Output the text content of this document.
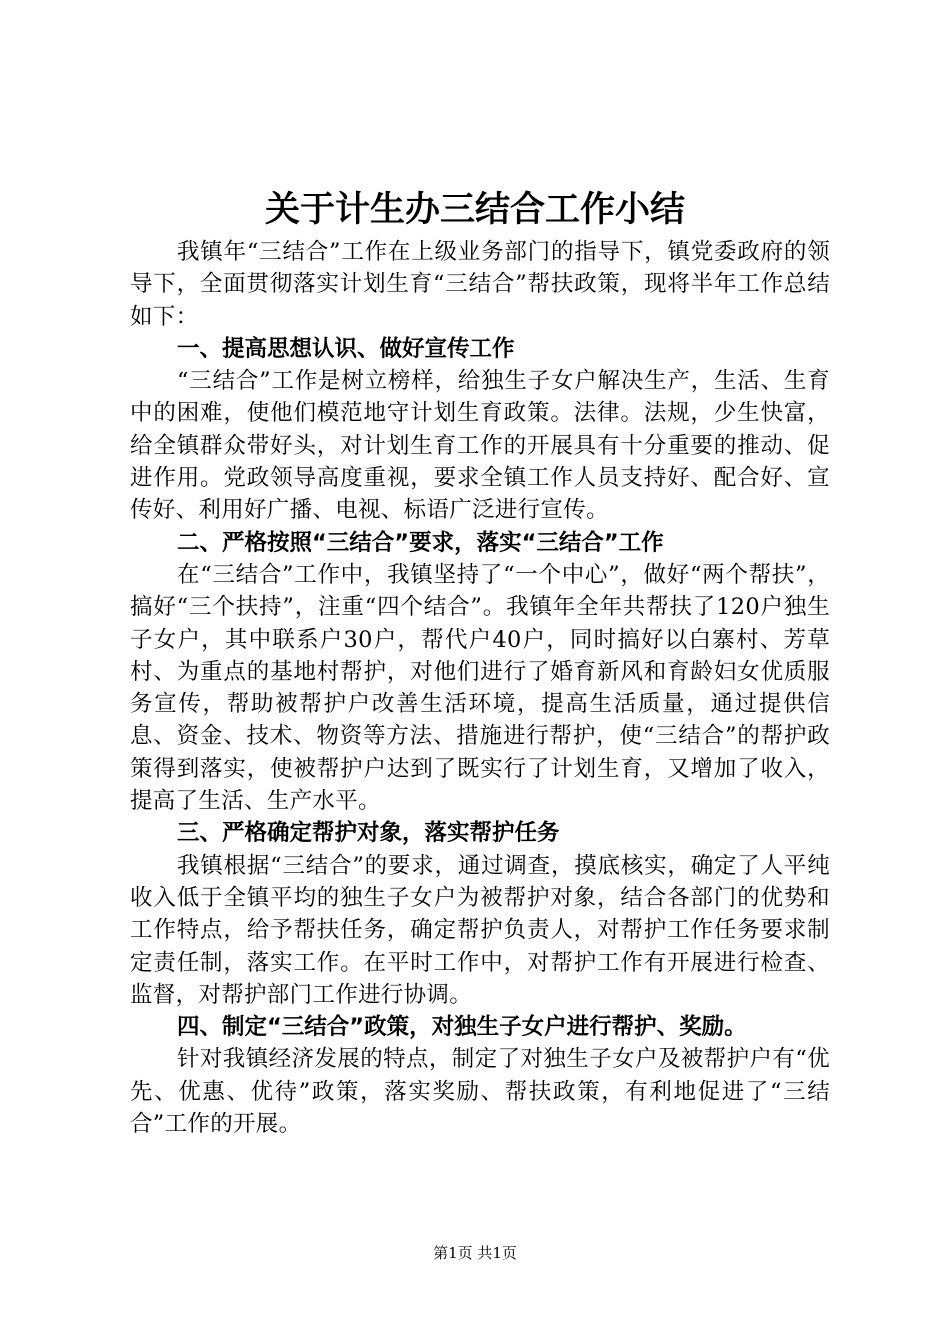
关于计生办三结合工作小结

我镇年“三结合”工作在上级业务部门的指导下，镇党委政府的领导下，全面贯彻落实计划生育“三结合”帮扶政策，现将半年工作总结如下：

一、提高思想认识、做好宣传工作

“三结合”工作是树立榜样，给独生子女户解决生产，生活、生育中的困难，使他们模范地守计划生育政策。法律。法规，少生快富，给全镇群众带好头，对计划生育工作的开展具有十分重要的推动、促进作用。党政领导高度重视，要求全镇工作人员支持好、配合好、宣传好、利用好广播、电视、标语广泛进行宣传。

二、严格按照“三结合”要求，落实“三结合”工作

在“三结合”工作中，我镇坚持了“一个中心”，做好“两个帮扶”，搞好“三个扶持”，注重“四个结合”。我镇年全年共帮扶了120户独生子女户，其中联系户30户，帮代户40户，同时搞好以白寨村、芳草村、为重点的基地村帮护，对他们进行了婚育新风和育龄妇女优质服务宣传，帮助被帮护户改善生活环境，提高生活质量，通过提供信息、资金、技术、物资等方法、措施进行帮护，使“三结合”的帮护政策得到落实，使被帮护户达到了既实行了计划生育，又增加了收入，提高了生活、生产水平。

三、严格确定帮护对象，落实帮护任务

我镇根据“三结合”的要求，通过调查，摸底核实，确定了人平纯收入低于全镇平均的独生子女户为被帮护对象，结合各部门的优势和工作特点，给予帮扶任务，确定帮护负责人，对帮护工作任务要求制定责任制，落实工作。在平时工作中，对帮护工作有开展进行检查、监督，对帮护部门工作进行协调。

四、制定“三结合”政策，对独生子女户进行帮护、奖励。

针对我镇经济发展的特点，制定了对独生子女户及被帮护户有“优先、优惠、优待”政策，落实奖励、帮扶政策，有利地促进了“三结合”工作的开展。

第1页 共1页
